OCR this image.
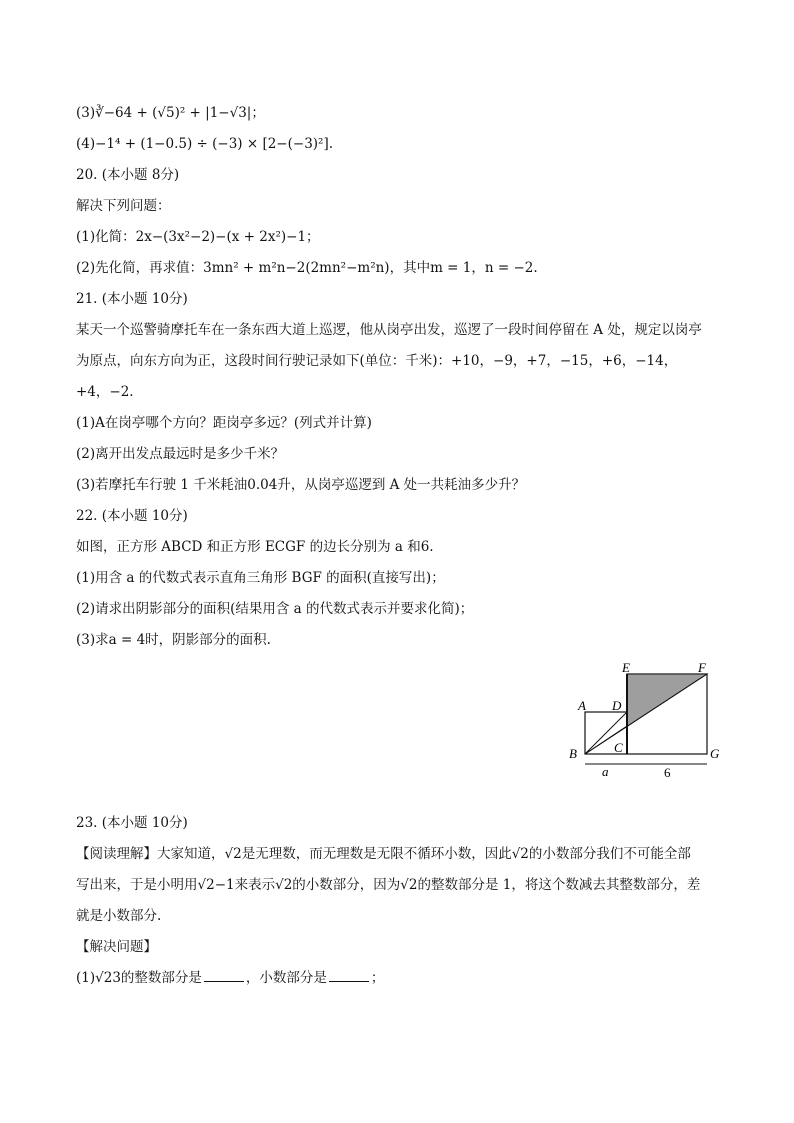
(3)∛−64 + (√5)² + |1−√3|；
(4)−1⁴ + (1−0.5) ÷ (−3) × [2−(−3)²].
20. (本小题 8分)
解决下列问题：
(1)化简：2x−(3x²−2)−(x + 2x²)−1；
(2)先化简，再求值：3mn² + m²n−2(2mn²−m²n)，其中m = 1，n = −2.
21. (本小题 10分)
某天一个巡警骑摩托车在一条东西大道上巡逻，他从岗亭出发，巡逻了一段时间停留在 A 处，规定以岗亭
为原点，向东方向为正，这段时间行驶记录如下(单位：千米)：+10，−9，+7，−15，+6，−14，
+4，−2.
(1)A在岗亭哪个方向？距岗亭多远？(列式并计算)
(2)离开出发点最远时是多少千米？
(3)若摩托车行驶 1 千米耗油0.04升，从岗亭巡逻到 A 处一共耗油多少升？
22. (本小题 10分)
如图，正方形 ABCD 和正方形 ECGF 的边长分别为 a 和6.
(1)用含 a 的代数式表示直角三角形 BGF 的面积(直接写出)；
(2)请求出阴影部分的面积(结果用含 a 的代数式表示并要求化简)；
(3)求a = 4时，阴影部分的面积.
A
B	C
D
E	F
G
a	6
23. (本小题 10分)
【阅读理解】大家知道，√2是无理数，而无理数是无限不循环小数，因此√2的小数部分我们不可能全部
写出来，于是小明用√2−1来表示√2的小数部分，因为√2的整数部分是 1，将这个数减去其整数部分，差
就是小数部分.
【解决问题】
(1)√23的整数部分是	，小数部分是	；
